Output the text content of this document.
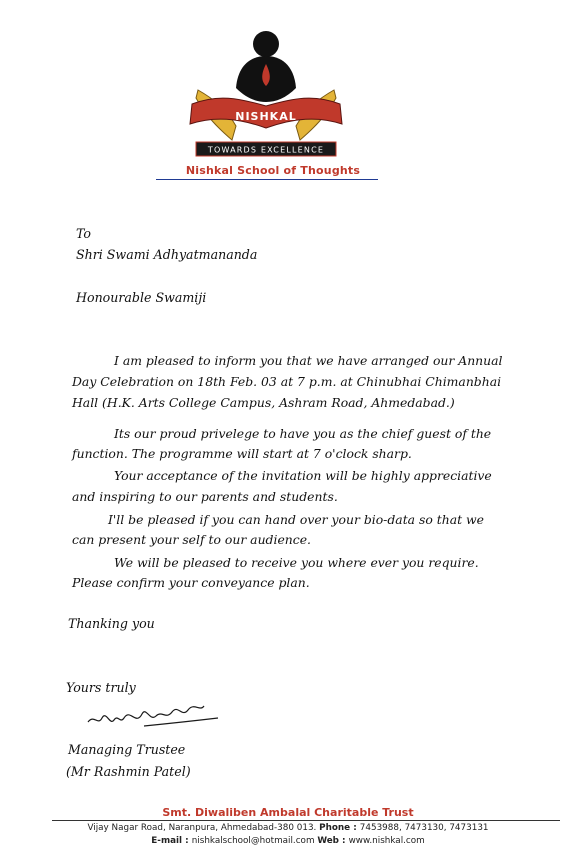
NISHKAL
TOWARDS EXCELLENCE
Nishkal School of Thoughts
To
Shri Swami Adhyatmananda
Honourable Swamiji
I am pleased to inform you that we have arranged our Annual
Day Celebration on 18th Feb. 03 at 7 p.m. at Chinubhai Chimanbhai
Hall (H.K. Arts College Campus, Ashram Road, Ahmedabad.)
Its our proud privelege to have you as the chief guest of the
function. The programme will start at 7 o'clock sharp.
Your acceptance of the invitation will be highly appreciative
and inspiring to our parents and students.
I'll be pleased if you can hand over your bio-data so that we
can present your self to our audience.
We will be pleased to receive you where ever you require.
Please confirm your conveyance plan.
Thanking you
Yours truly
Managing Trustee
(Mr Rashmin Patel)
Smt. Diwaliben Ambalal Charitable Trust
Vijay Nagar Road, Naranpura, Ahmedabad-380 013. Phone : 7453988, 7473130, 7473131
E-mail : nishkalschool@hotmail.com Web : www.nishkal.com
